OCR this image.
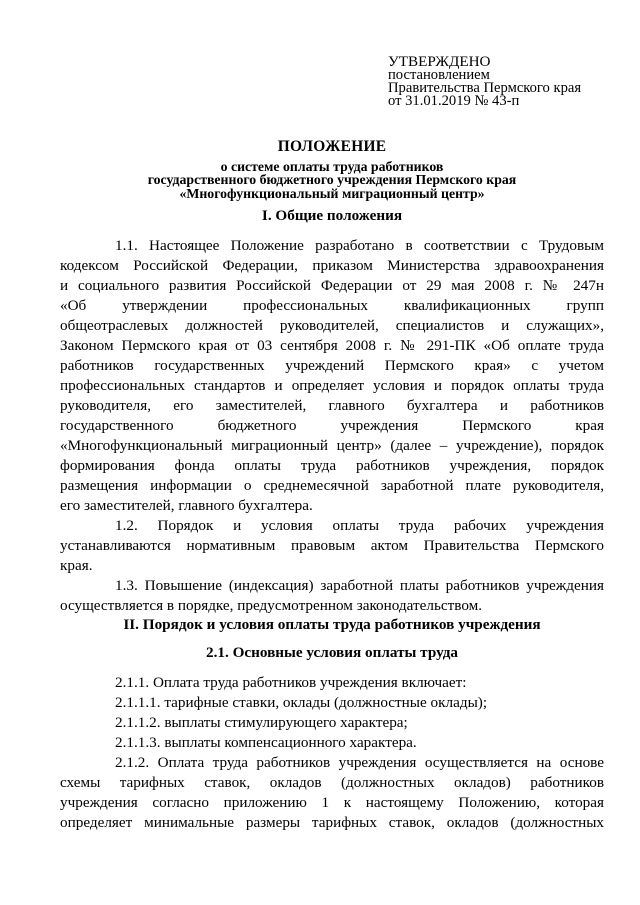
УТВЕРЖДЕНО
постановлением
Правительства Пермского края
от 31.01.2019 № 43-п
ПОЛОЖЕНИЕ
о системе оплаты труда работников
государственного бюджетного учреждения Пермского края
«Многофункциональный миграционный центр»
I. Общие положения
1.1. Настоящее Положение разработано в соответствии с Трудовым
кодексом Российской Федерации, приказом Министерства здравоохранения
и социального развития Российской Федерации от 29 мая 2008 г. № 247н
«Об утверждении профессиональных квалификационных групп
общеотраслевых должностей руководителей, специалистов и служащих»,
Законом Пермского края от 03 сентября 2008 г. № 291-ПК «Об оплате труда
работников государственных учреждений Пермского края» с учетом
профессиональных стандартов и определяет условия и порядок оплаты труда
руководителя, его заместителей, главного бухгалтера и работников
государственного бюджетного учреждения Пермского края
«Многофункциональный миграционный центр» (далее – учреждение), порядок
формирования фонда оплаты труда работников учреждения, порядок
размещения информации о среднемесячной заработной плате руководителя,
его заместителей, главного бухгалтера.
1.2. Порядок и условия оплаты труда рабочих учреждения
устанавливаются нормативным правовым актом Правительства Пермского
края.
1.3. Повышение (индексация) заработной платы работников учреждения
осуществляется в порядке, предусмотренном законодательством.
II. Порядок и условия оплаты труда работников учреждения
2.1. Основные условия оплаты труда
2.1.1. Оплата труда работников учреждения включает:
2.1.1.1. тарифные ставки, оклады (должностные оклады);
2.1.1.2. выплаты стимулирующего характера;
2.1.1.3. выплаты компенсационного характера.
2.1.2. Оплата труда работников учреждения осуществляется на основе
схемы тарифных ставок, окладов (должностных окладов) работников
учреждения согласно приложению 1 к настоящему Положению, которая
определяет минимальные размеры тарифных ставок, окладов (должностных
